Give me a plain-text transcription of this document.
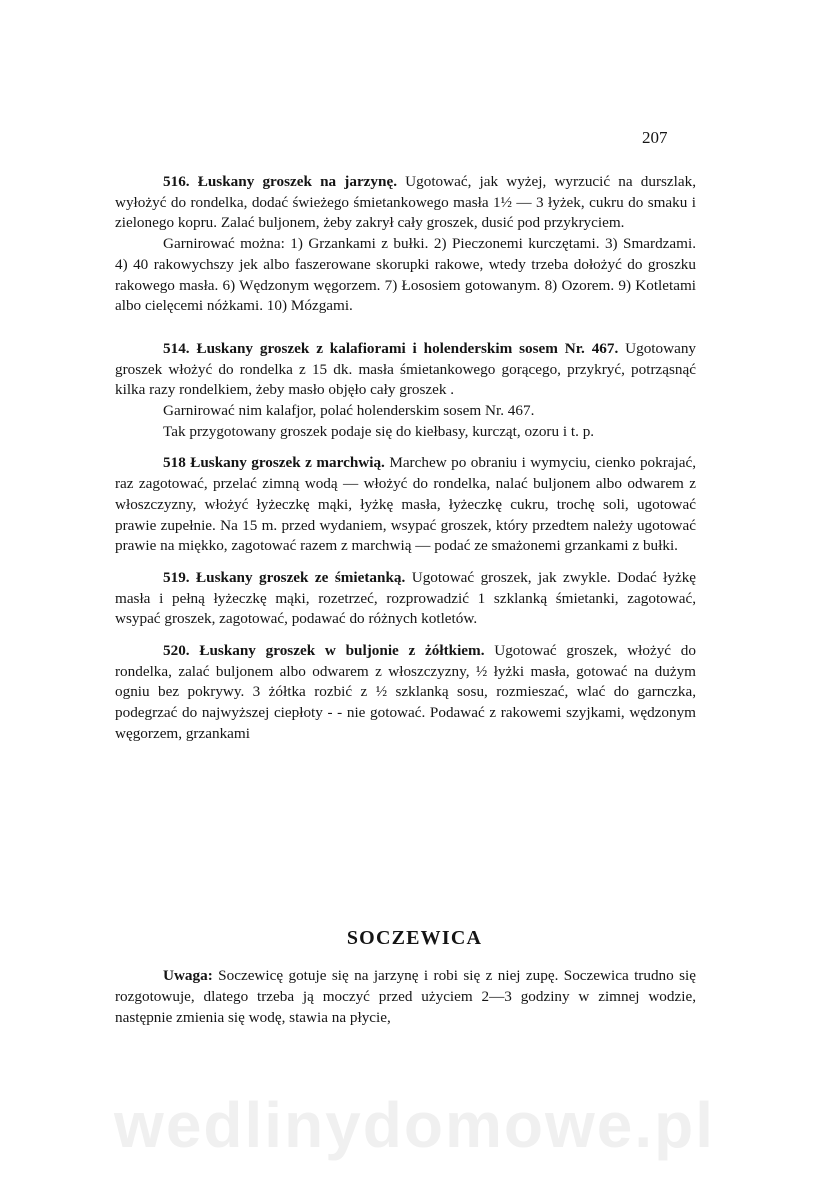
207

516. Łuskany groszek na jarzynę. Ugotować, jak wyżej, wyrzucić na durszlak, wyłożyć do rondelka, dodać świeżego śmietankowego masła 1½ — 3 łyżek, cukru do smaku i zielonego kopru. Zalać buljonem, żeby zakrył cały groszek, dusić pod przykryciem.

Garnirować można: 1) Grzankami z bułki. 2) Pieczonemi kurczętami. 3) Smardzami. 4) 40 rakowychszy jek albo faszerowane skorupki rakowe, wtedy trzeba dołożyć do groszku rakowego masła. 6) Wędzonym węgorzem. 7) Łososiem gotowanym. 8) Ozorem. 9) Kotletami albo cielęcemi nóżkami. 10) Mózgami.

514. Łuskany groszek z kalafiorami i holenderskim sosem Nr. 467. Ugotowany groszek włożyć do rondelka z 15 dk. masła śmietankowego gorącego, przykryć, potrząsnąć kilka razy rondelkiem, żeby masło objęło cały groszek .

Garnirować nim kalafjor, polać holenderskim sosem Nr. 467.

Tak przygotowany groszek podaje się do kiełbasy, kurcząt, ozoru i t. p.

518 Łuskany groszek z marchwią. Marchew po obraniu i wymyciu, cienko pokrajać, raz zagotować, przelać zimną wodą — włożyć do rondelka, nalać buljonem albo odwarem z włoszczyzny, włożyć łyżeczkę mąki, łyżkę masła, łyżeczkę cukru, trochę soli, ugotować prawie zupełnie. Na 15 m. przed wydaniem, wsypać groszek, który przedtem należy ugotować prawie na miękko, zagotować razem z marchwią — podać ze smażonemi grzankami z bułki.

519. Łuskany groszek ze śmietanką. Ugotować groszek, jak zwykle. Dodać łyżkę masła i pełną łyżeczkę mąki, rozetrzeć, rozprowadzić 1 szklanką śmietanki, zagotować, wsypać groszek, zagotować, podawać do różnych kotletów.

520. Łuskany groszek w buljonie z żółtkiem. Ugotować groszek, włożyć do rondelka, zalać buljonem albo odwarem z włoszczyzny, ½ łyżki masła, gotować na dużym ogniu bez pokrywy. 3 żółtka rozbić z ½ szklanką sosu, rozmieszać, wlać do garnczka, podegrzać do najwyższej ciepłoty - - nie gotować. Podawać z rakowemi szyjkami, wędzonym węgorzem, grzankami

SOCZEWICA

Uwaga: Soczewicę gotuje się na jarzynę i robi się z niej zupę. Soczewica trudno się rozgotowuje, dlatego trzeba ją moczyć przed użyciem 2—3 godziny w zimnej wodzie, następnie zmienia się wodę, stawia na płycie,

wedlinydomowe.pl
